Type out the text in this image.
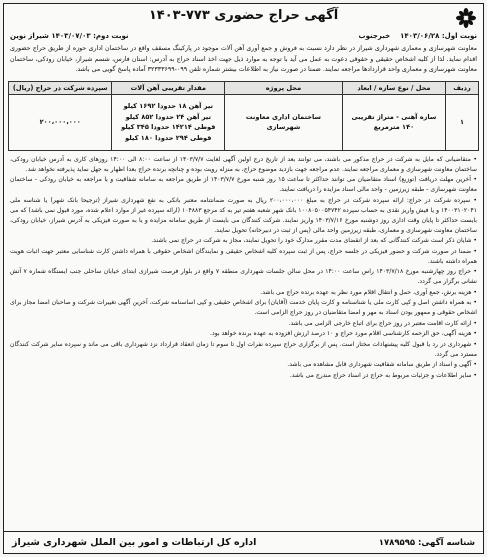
آگهی حراج حضوری ۷۷۳-۱۴۰۳
نوبت اول: ۱۴۰۳/۰۶/۲۸
خبرجنوب
نوبت دوم: ۱۴۰۳/۰۷/۰۳ شیراز نوین
معاونت شهرسازی و معماری شهرداری شیراز در نظر دارد نسبت به فروش و جمع آوری آهن آلات موجود در پارکینگ مسقف واقع در ساختمان اداری حوزه از طریق حراج حضوری اقدام نماید. لذا از کلیه اشخاص حقیقی و حقوقی دعوت به عمل می آید با توجه به موارد ذیل جهت اخذ اسناد حراج به آدرس: استان فارس، شسم شیراز، خیابان رودکی، ساختمان معاونت شهرسازی و معماری واحد قراردادها مراجعه نمایند. ضمنا در صورت نیاز به اطلاعات بیشتر شماره تلفن ۰۹۹-۳۲۳۳۳۶۹۹ آماده پاسخ گویی می باشد.
ردیف	محل / نوع سازه / ابعاد	محل پروژه	مقدار تقریبی آهن آلات	سپرده شرکت در حراج (ریال)
۱	سازه آهنی - متراژ تقریبی ۱۴۰ مترمربع	ساختمان اداری معاونت شهرسازی	تیر آهن ۱۸ حدودا ۱۶۹۲ کیلو
تیر آهن ۲۴ حدودا ۸۵۲ کیلو
قوطی ۱۴۲۱۴ حدودا ۳۴۵ کیلو
قوطی ۲۹۴ حدودا ۱۸۰ کیلو	۲۰۰،۰۰۰،۰۰۰

• متقاضیانی که مایل به شرکت در حراج مذکور می باشند، می توانند بعد از تاریخ درج اولین آگهی لغایت ۱۴۰۳/۷/۷ از ساعت ۸:۰۰ الی ۱۴:۰۰ روزهای کاری به آدرس خیابان رودکی، ساختمان معاونت شهرسازی و معماری مراجعه نمایند. عدم مراجعه جهت بازدید موضوع حراج، به منزله رویت بوده و چنانچه برنده حراج بعدا اظهار به جهل نماید پذیرفته نخواهد شد.

• آخرین مهلت دریافت (توزیع) اسناد متقاضیان می توانند حداکثر تا ساعت ۱۵ روز شنبه مورخ ۱۴۰۳/۷/۷ از طریق مراجعه به سامانه شفافیت و یا مراجعه به خیابان رودکی - ساختمان معاونت شهرسازی - طبقه زیرزمین - واحد مالی اسناد مزایده را دریافت نمایند.

• سپرده شرکت در حراج: ارائه سپرده شرکت در حراج به مبلغ ۲۰۰،۰۰۰،۰۰۰ ریال به صورت ضمانتنامه معتبر بانکی به نفع شهرداری شیراز (ترجیحا بانک شهر) یا شناسه ملی ۱۴۰۰۳۱۰۲۰۴۱ و یا فیش واریز نقدی به حساب سپرده ۱۰۰۸۰۵۰۰۵۴۷۴۲ بانک شهر شعبه هفتم تیر به کد مرجع ۱۰۴۸۸۳ (ارائه سپرده غیر از موارد اعلام شده، مورد قبول نمی باشد) که می بایست حداکثر تا پایان وقت اداری روز دوشنبه مورخ ۱۴۰۳/۷/۱۶ واریز نمایند. شرکت کنندگان می بایست از طریق سامانه مزایده و یا به صورت فیزیکی به آدرس شیراز، خیابان رودکی، ساختمان معاونت شهرسازی و معماری، طبقه زیرزمین واحد مالی (پس از ثبت در دبیرخانه) تحویل نمایند.

• شایان ذکر است شرکت کنندگانی که بعد از انقضای مدت مقرر مدارک خود را تحویل نمایند، مجاز به شرکت در حراج نمی باشند.

• ضمنا در صورت شرکت و حضور فیزیکی در جلسه حراج، پس از ثبت سپرده کلیه اشخاص حقیقی و نمایندگان اشخاص حقوقی با همراه داشتن کارت شناسایی معتبر جهت اثبات هویت همراه داشته باشند.

• حراج روز چهارشنبه مورخ ۱۴۰۳/۷/۱۸ راس ساعت ۱۴:۰۰ در محل سالن جلسات شهرداری منطقه ۷ واقع در بلوار فرصت شیرازی ابتدای خیابان ساحلی جنب ایستگاه شماره ۷ آتش نشانی برگزار می گردد.

• هزینه برش، جمع آوری، حمل و انتقال اقلام مورد نظر به عهده برنده حراج می باشد.

• به همراه داشتن اصل و کپی کارت ملی یا شناسنامه و کارت پایان خدمت (آقایان) برای اشخاص حقیقی و کپی اساسنامه شرکت، آخرین آگهی تغییرات شرکت و صاحبان امضا مجاز برای اشخاص حقوقی و ممهور بودن اسناد به مهر و امضا متقاضیان در روز حراج الزامی است.

• ارائه کارت اقامت معتبر در روز حراج برای اتباع خارجی الزامی می باشد.

• هزینه آگهی، حق الزحمه کارشناسی اقلام مورد حراج و ۱۰ درصد ارزش افزوده به عهده برنده خواهد بود.

• شهرداری در رد یا قبول کلیه پیشنهادات مختار است. پس از برگزاری حراج سپرده نفرات اول تا سوم تا زمان انعقاد قرارداد نزد شهرداری باقی می ماند و سپرده سایر شرکت کنندگان مسترد می گردد.

• آگهی و اسناد از طریق سامانه شفافیت شهرداری قابل مشاهده می باشد.

• سایر اطلاعات و جزئیات مربوط به حراج در اسناد حراج مندرج می باشد.

شناسه آگهی: ۱۷۸۹۵۹۵
اداره کل ارتباطات و امور بین الملل شهرداری شیراز
